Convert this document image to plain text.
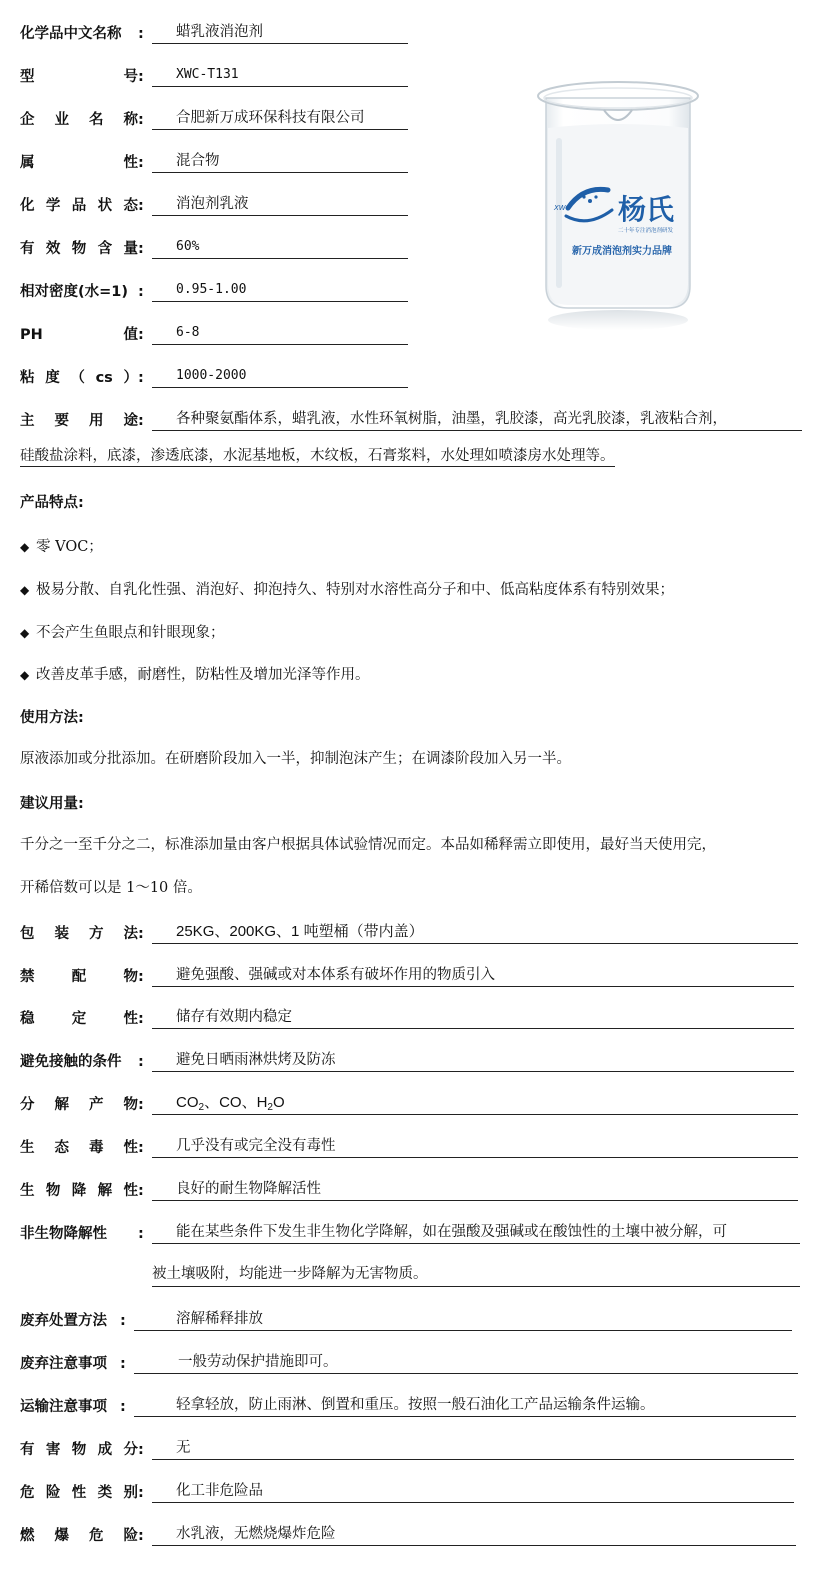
化学品中文名称	:	蜡乳液消泡剂
型号 :	XWC-T131
企业名称 :	合肥新万成环保科技有限公司
属性 :	混合物
化学品状态 :	消泡剂乳液
有效物含量 :	60%
相对密度(水=1) :	0.95-1.00
PH值 :	6-8
粘度（cs） :	1000-2000
杨氏
XWC
二十年专注消泡剂研发
新万成消泡剂实力品牌
主要用途 :	各种聚氨酯体系，蜡乳液，水性环氧树脂，油墨，乳胶漆，高光乳胶漆，乳液粘合剂，
硅酸盐涂料，底漆，渗透底漆，水泥基地板，木纹板，石膏浆料，水处理如喷漆房水处理等。
产品特点:
◆ 零 VOC；
◆ 极易分散、自乳化性强、消泡好、抑泡持久、特别对水溶性高分子和中、低高粘度体系有特别效果；
◆ 不会产生鱼眼点和针眼现象；
◆ 改善皮革手感，耐磨性，防粘性及增加光泽等作用。
使用方法:
原液添加或分批添加。在研磨阶段加入一半，抑制泡沫产生；在调漆阶段加入另一半。
建议用量:
千分之一至千分之二，标准添加量由客户根据具体试验情况而定。本品如稀释需立即使用，最好当天使用完，
开稀倍数可以是 1～10 倍。
包装方法 :	25KG、200KG、1 吨塑桶（带内盖）
禁配物 :	避免强酸、强碱或对本体系有破坏作用的物质引入
稳定性 :	储存有效期内稳定
避免接触的条件	:	避免日晒雨淋烘烤及防冻
分解产物 :	$CO_2$、CO、$H_2O$
生态毒性 :	几乎没有或完全没有毒性
生物降解性 :	良好的耐生物降解活性
非生物降解性	:	能在某些条件下发生非生物化学降解，如在强酸及强碱或在酸蚀性的土壤中被分解，可
被土壤吸附，均能进一步降解为无害物质。
废弃处置方法 :	溶解稀释排放
废弃注意事项 :	一般劳动保护措施即可。
运输注意事项 :	轻拿轻放，防止雨淋、倒置和重压。按照一般石油化工产品运输条件运输。
有害物成分 :	无
危险性类别 :	化工非危险品
燃爆危险 :	水乳液，无燃烧爆炸危险
